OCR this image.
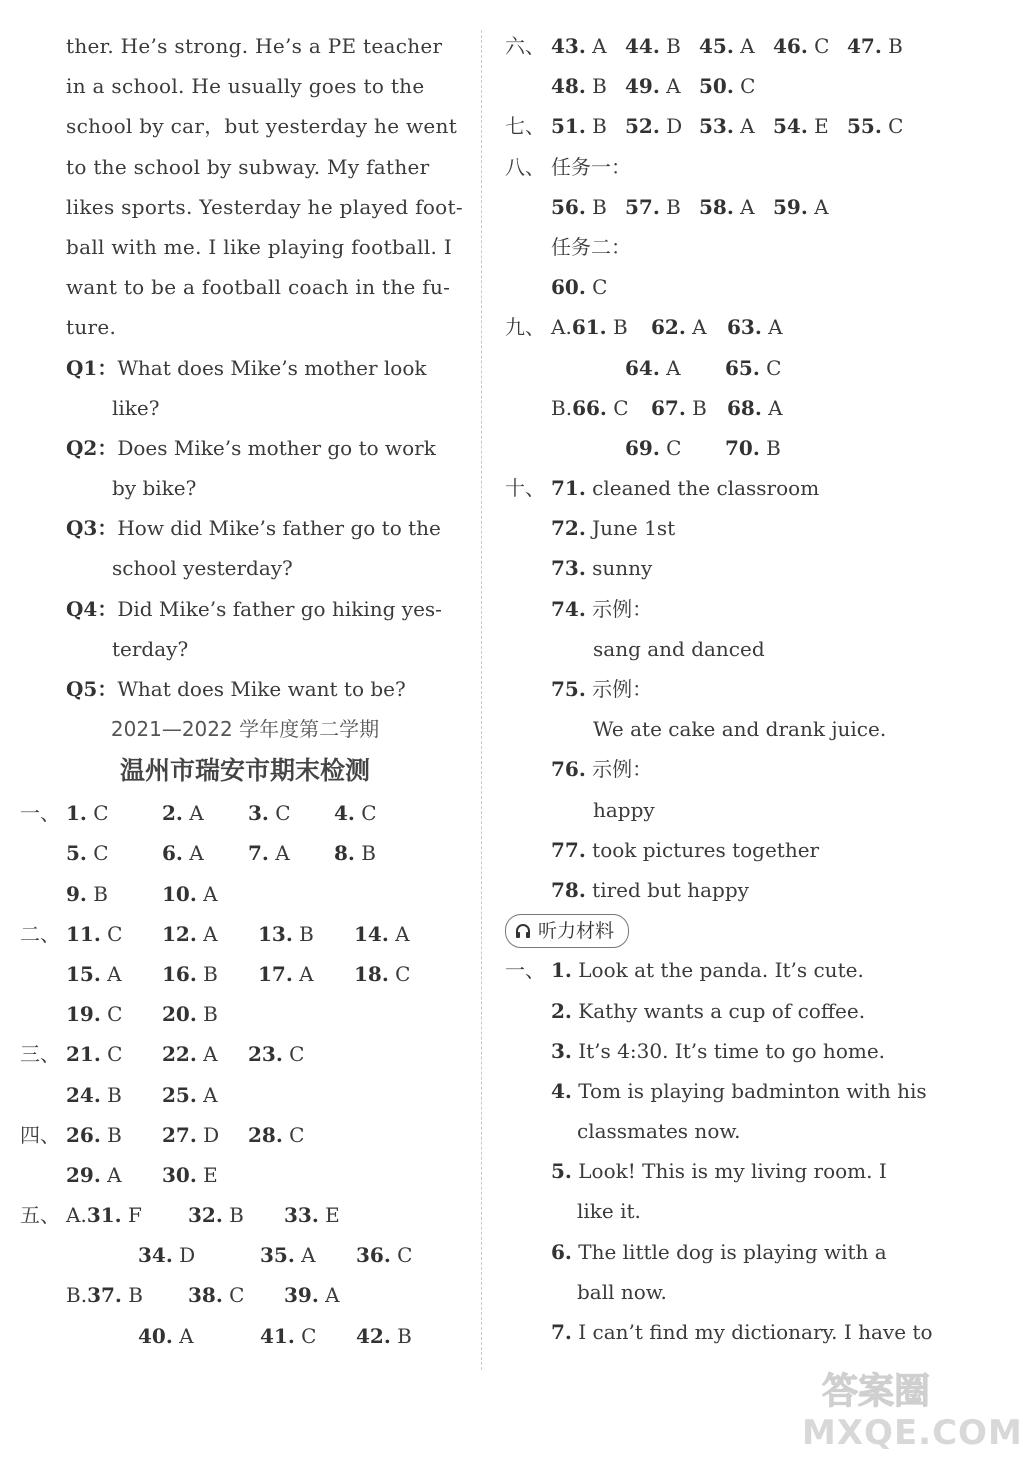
ther. He’s strong. He’s a PE teacher
in a school. He usually goes to the
school by car，but yesterday he went
to the school by subway. My father
likes sports. Yesterday he played foot-
ball with me. I like playing football. I
want to be a football coach in the fu-
ture.
Q1：What does Mike’s mother look
like?
Q2：Does Mike’s mother go to work
by bike?
Q3：How did Mike’s father go to the
school yesterday?
Q4：Did Mike’s father go hiking yes-
terday?
Q5：What does Mike want to be?
2021—2022 学年度第二学期
温州市瑞安市期末检测
一、 1. C	2. A 3. C 4. C
5. C	6. A 7. A 8. B
9. B	10. A
二、 11. C 12. A 13. B 14. A
15. A 16. B 17. A 18. C
19. C 20. B
三、 21. C 22. A 23. C
24. B 25. A
四、 26. B 27. D 28. C
29. A 30. E
五、 A.31. F 32. B 33. E
34. D	35. A 36. C
B.37. B 38. C 39. A
40. A	41. C 42. B
六、 43. A 44. B 45. A 46. C 47. B
48. B 49. A 50. C
七、 51. B 52. D 53. A 54. E 55. C
八、 任务一：
56. B 57. B 58. A 59. A
任务二：
60. C
九、 A.61. B 62. A 63. A
64. A 65. C
B.66. C 67. B 68. A
69. C 70. B
十、 71. cleaned the classroom
72. June 1st
73. sunny
74. 示例：
sang and danced
75. 示例：
We ate cake and drank juice.
76. 示例：
happy
77. took pictures together
78. tired but happy
听力材料
一、 1. Look at the panda. It’s cute.
2. Kathy wants a cup of coffee.
3. It’s 4:30. It’s time to go home.
4. Tom is playing badminton with his
classmates now.
5. Look! This is my living room. I
like it.
6. The little dog is playing with a
ball now.
7. I can’t find my dictionary. I have to
答案圈
MXQE.COM
